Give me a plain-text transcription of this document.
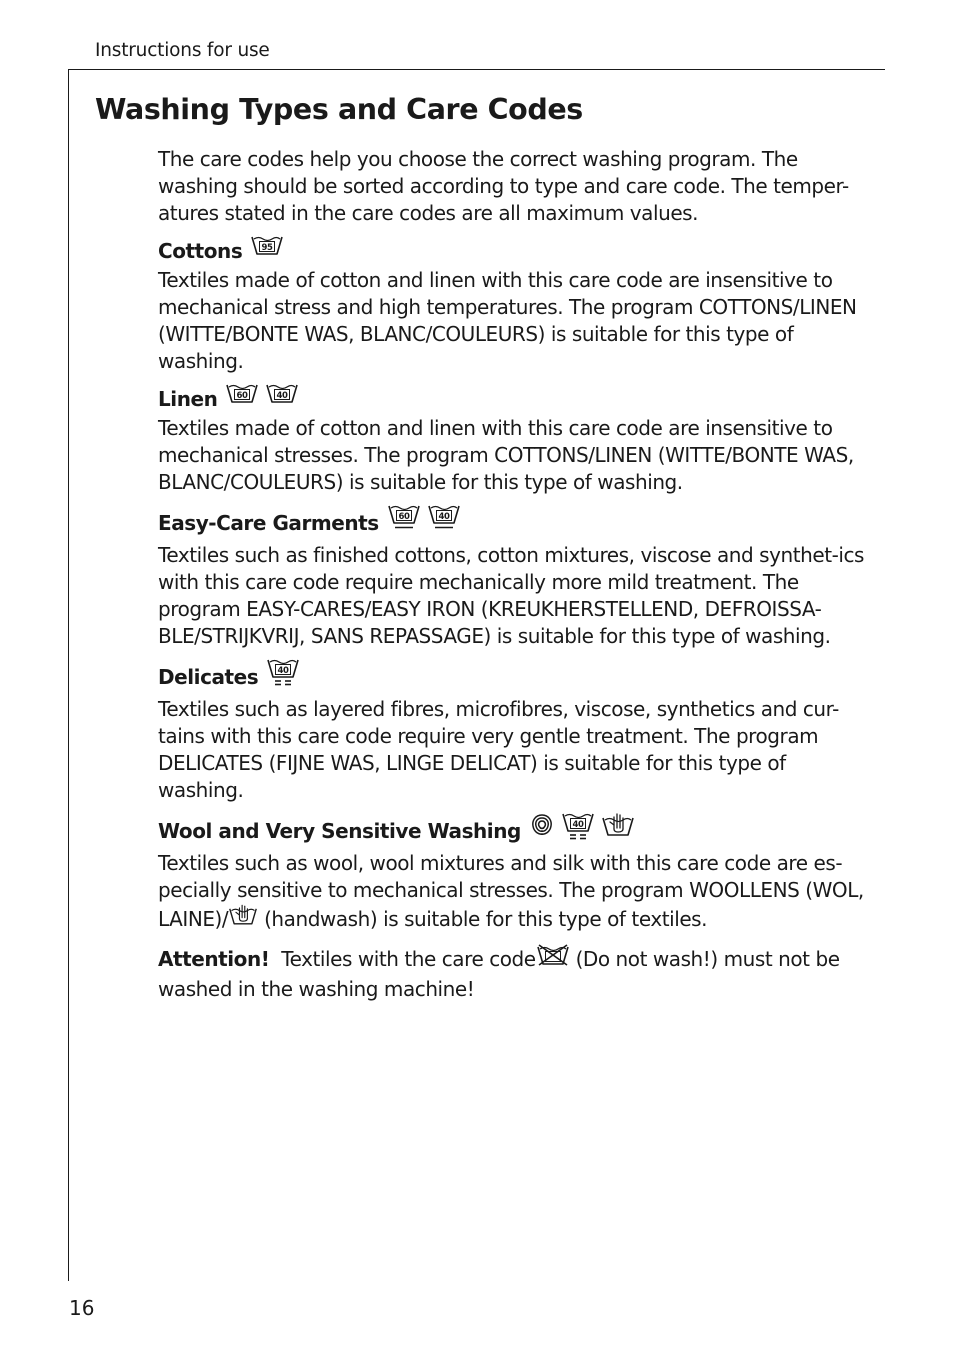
Instructions for use
Washing Types and Care Codes

The care codes help you choose the correct washing program. The washing should be sorted according to type and care code. The temper-atures stated in the care codes are all maximum values.

Cottons 95

Textiles made of cotton and linen with this care code are insensitive to mechanical stress and high temperatures. The program COTTONS/LINEN (WITTE/BONTE WAS, BLANC/COULEURS) is suitable for this type of washing.

Linen 60	40

Textiles made of cotton and linen with this care code are insensitive to mechanical stresses. The program COTTONS/LINEN (WITTE/BONTE WAS, BLANC/COULEURS) is suitable for this type of washing.

Easy-Care Garments 60	40

Textiles such as finished cottons, cotton mixtures, viscose and synthet-ics with this care code require mechanically more mild treatment. The program EASY-CARES/EASY IRON (KREUKHERSTELLEND, DEFROISSA-BLE/STRIJKVRIJ, SANS REPASSAGE) is suitable for this type of washing.

Delicates 40

Textiles such as layered fibres, microfibres, viscose, synthetics and cur-tains with this care code require very gentle treatment. The program DELICATES (FIJNE WAS, LINGE DELICAT) is suitable for this type of washing.

Wool and Very Sensitive Washing	40

Textiles such as wool, wool mixtures and silk with this care code are es-pecially sensitive to mechanical stresses. The program WOOLLENS (WOL, LAINE)/ (handwash) is suitable for this type of textiles.

Attention! Textiles with the care code (Do not wash!) must not be washed in the washing machine!

16
